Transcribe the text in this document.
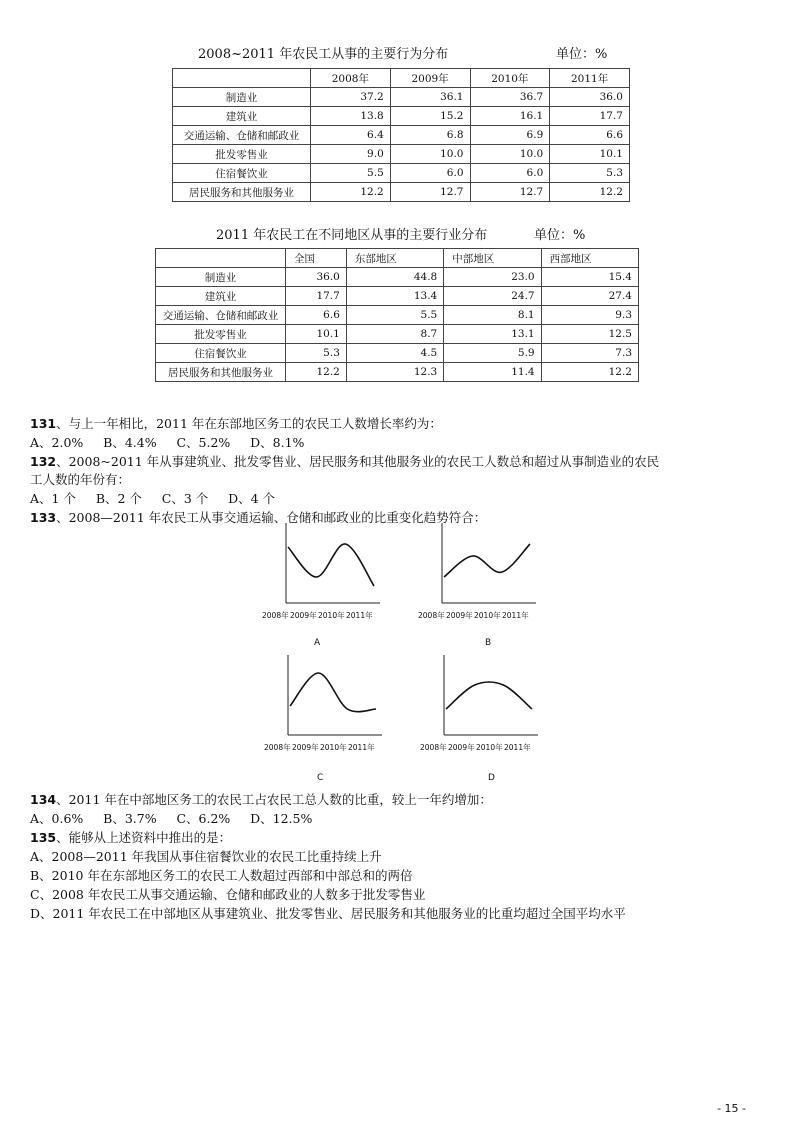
2008~2011 年农民工从事的主要行为分布	单位：%
	2008年	2009年	2010年	2011年
制造业	37.2	36.1	36.7	36.0
建筑业	13.8	15.2	16.1	17.7
交通运输、仓储和邮政业	6.4	6.8	6.9	6.6
批发零售业	9.0	10.0	10.0	10.1
住宿餐饮业	5.5	6.0	6.0	5.3
居民服务和其他服务业	12.2	12.7	12.7	12.2
2011 年农民工在不同地区从事的主要行业分布	单位：%
	全国	东部地区	中部地区	西部地区
制造业	36.0	44.8	23.0	15.4
建筑业	17.7	13.4	24.7	27.4
交通运输、仓储和邮政业	6.6	5.5	8.1	9.3
批发零售业	10.1	8.7	13.1	12.5
住宿餐饮业	5.3	4.5	5.9	7.3
居民服务和其他服务业	12.2	12.3	11.4	12.2
131、与上一年相比，2011 年在东部地区务工的农民工人数增长率约为：
A、2.0%     B、4.4%     C、5.2%     D、8.1%
132、2008~2011 年从事建筑业、批发零售业、居民服务和其他服务业的农民工人数总和超过从事制造业的农民
工人数的年份有：
A、1 个     B、2 个     C、3 个     D、4 个
133、2008—2011 年农民工从事交通运输、仓储和邮政业的比重变化趋势符合：
2008年 2009年 2010年 2011年
A
2008年 2009年 2010年 2011年
B
2008年 2009年 2010年 2011年
C
2008年 2009年 2010年 2011年
D
134、2011 年在中部地区务工的农民工占农民工总人数的比重，较上一年约增加：
A、0.6%     B、3.7%     C、6.2%     D、12.5%
135、能够从上述资料中推出的是：
A、2008—2011 年我国从事住宿餐饮业的农民工比重持续上升
B、2010 年在东部地区务工的农民工人数超过西部和中部总和的两倍
C、2008 年农民工从事交通运输、仓储和邮政业的人数多于批发零售业
D、2011 年农民工在中部地区从事建筑业、批发零售业、居民服务和其他服务业的比重均超过全国平均水平
- 15 -
